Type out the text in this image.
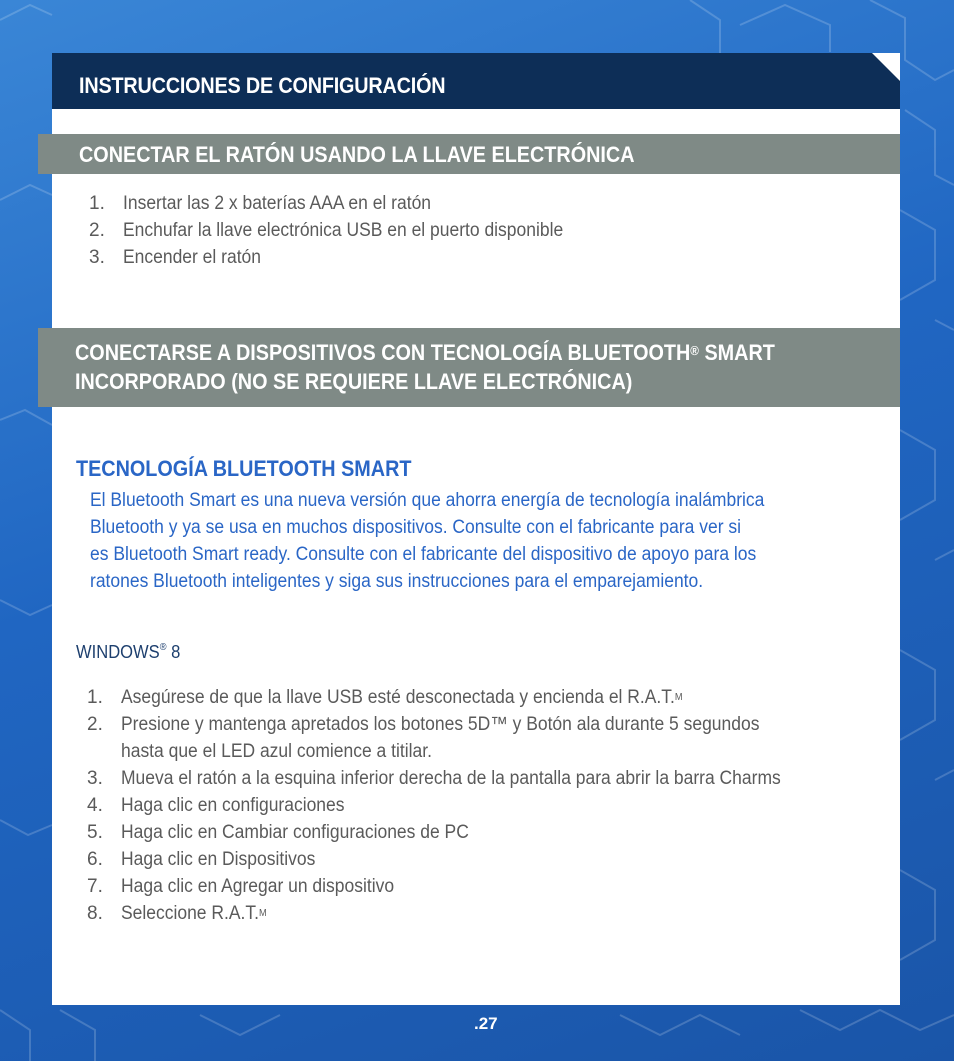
INSTRUCCIONES DE CONFIGURACIÓN
CONECTAR EL RATÓN USANDO LA LLAVE ELECTRÓNICA
1. Insertar las 2 x baterías AAA en el ratón
2. Enchufar la llave electrónica USB en el puerto disponible
3. Encender el ratón
CONECTARSE A DISPOSITIVOS CON TECNOLOGÍA BLUETOOTH® SMART
INCORPORADO (NO SE REQUIERE LLAVE ELECTRÓNICA)
TECNOLOGÍA BLUETOOTH SMART
El Bluetooth Smart es una nueva versión que ahorra energía de tecnología inalámbrica
Bluetooth y ya se usa en muchos dispositivos. Consulte con el fabricante para ver si
es Bluetooth Smart ready. Consulte con el fabricante del dispositivo de apoyo para los
ratones Bluetooth inteligentes y siga sus instrucciones para el emparejamiento.
WINDOWS® 8
1. Asegúrese de que la llave USB esté desconectada y encienda el R.A.T.$^M$
2. Presione y mantenga apretados los botones 5D™ y Botón ala durante 5 segundos
hasta que el LED azul comience a titilar.
3. Mueva el ratón a la esquina inferior derecha de la pantalla para abrir la barra Charms
4. Haga clic en configuraciones
5. Haga clic en Cambiar configuraciones de PC
6. Haga clic en Dispositivos
7. Haga clic en Agregar un dispositivo
8. Seleccione R.A.T.$^M$
.27
